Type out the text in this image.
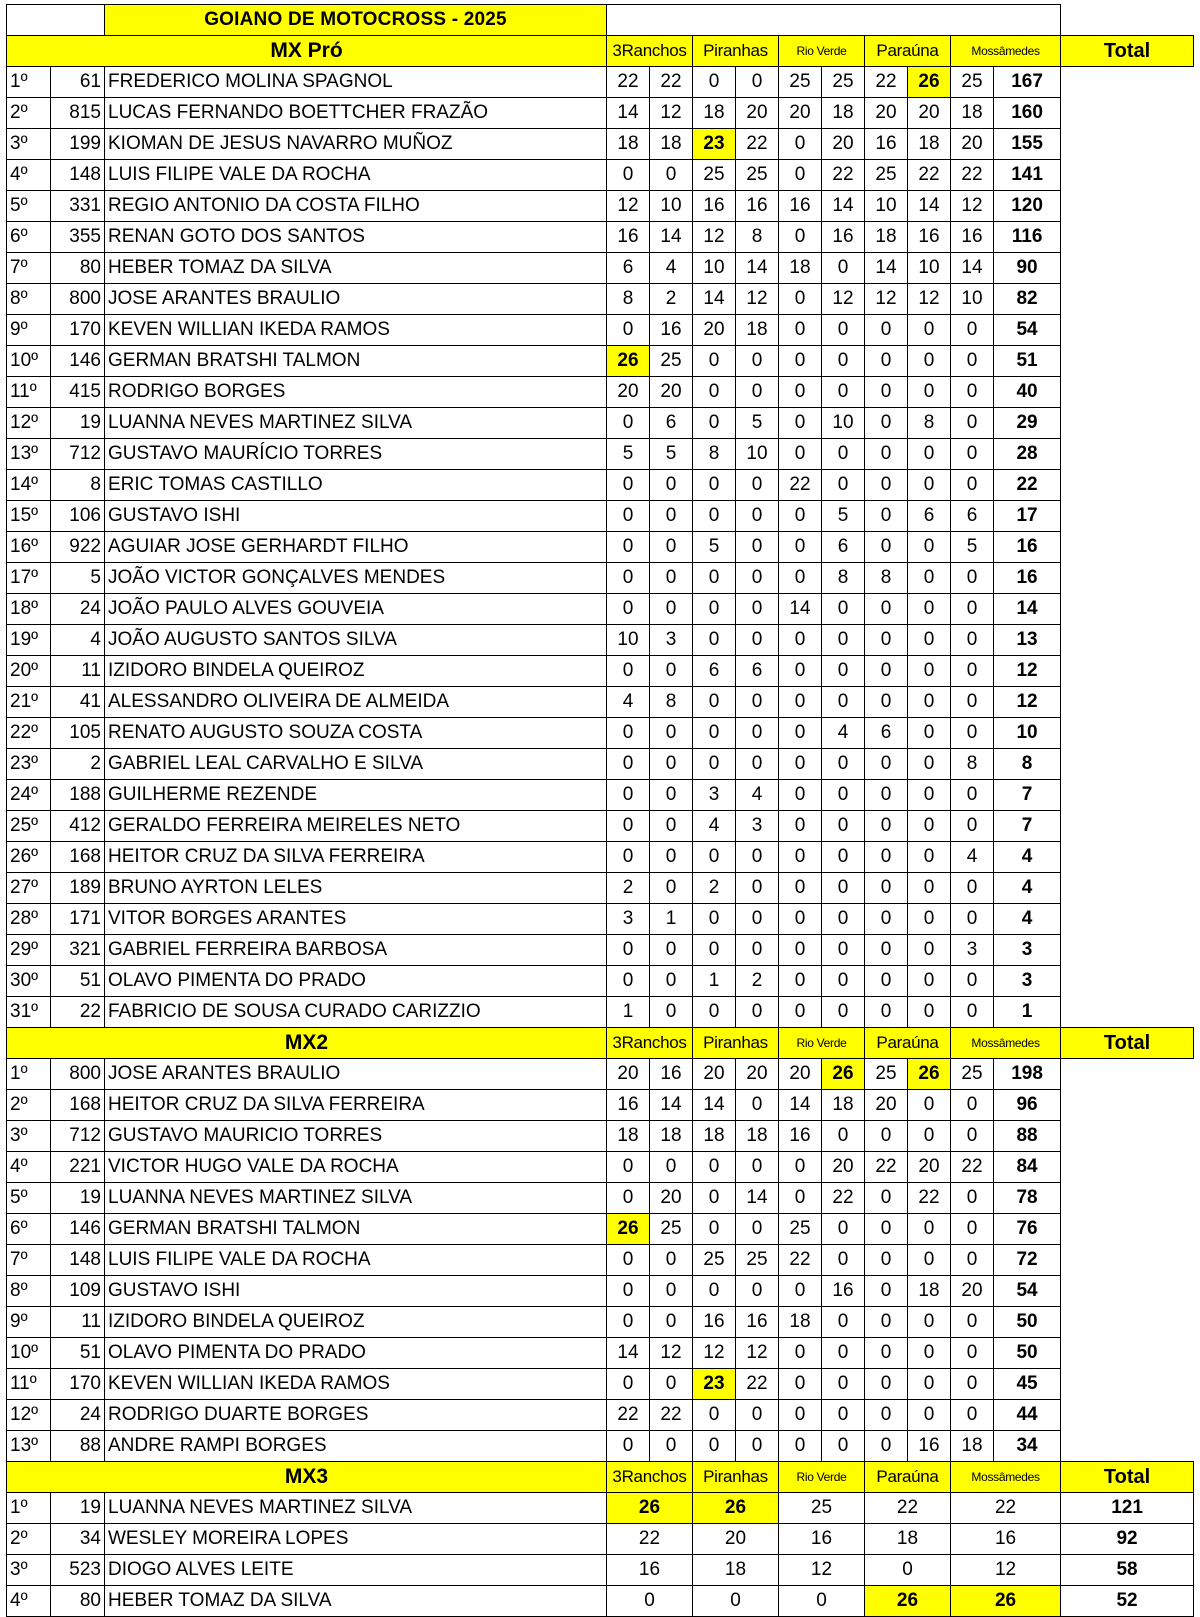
		GOIANO DE MOTOCROSS - 2025											
MX Pró			3Ranchos		Piranhas		Rio Verde		Paraúna		Mossâmedes		Total
1º	61	FREDERICO MOLINA SPAGNOL	22	22	0	0	25	25	22	26	25	167	
2º	815	LUCAS FERNANDO BOETTCHER FRAZÃO	14	12	18	20	20	18	20	20	18	160	
3º	199	KIOMAN DE JESUS NAVARRO MUÑOZ	18	18	23	22	0	20	16	18	20	155	
4º	148	LUIS FILIPE VALE DA ROCHA	0	0	25	25	0	22	25	22	22	141	
5º	331	REGIO ANTONIO DA COSTA FILHO	12	10	16	16	16	14	10	14	12	120	
6º	355	RENAN GOTO DOS SANTOS	16	14	12	8	0	16	18	16	16	116	
7º	80	HEBER TOMAZ DA SILVA	6	4	10	14	18	0	14	10	14	90	
8º	800	JOSE ARANTES BRAULIO	8	2	14	12	0	12	12	12	10	82	
9º	170	KEVEN WILLIAN IKEDA RAMOS	0	16	20	18	0	0	0	0	0	54	
10º	146	GERMAN BRATSHI TALMON	26	25	0	0	0	0	0	0	0	51	
11º	415	RODRIGO BORGES	20	20	0	0	0	0	0	0	0	40	
12º	19	LUANNA NEVES MARTINEZ SILVA	0	6	0	5	0	10	0	8	0	29	
13º	712	GUSTAVO MAURÍCIO TORRES	5	5	8	10	0	0	0	0	0	28	
14º	8	ERIC TOMAS CASTILLO	0	0	0	0	22	0	0	0	0	22	
15º	106	GUSTAVO ISHI	0	0	0	0	0	5	0	6	6	17	
16º	922	AGUIAR JOSE GERHARDT FILHO	0	0	5	0	0	6	0	0	5	16	
17º	5	JOÃO VICTOR GONÇALVES MENDES	0	0	0	0	0	8	8	0	0	16	
18º	24	JOÃO PAULO ALVES GOUVEIA	0	0	0	0	14	0	0	0	0	14	
19º	4	JOÃO AUGUSTO SANTOS SILVA	10	3	0	0	0	0	0	0	0	13	
20º	11	IZIDORO BINDELA QUEIROZ	0	0	6	6	0	0	0	0	0	12	
21º	41	ALESSANDRO OLIVEIRA DE ALMEIDA	4	8	0	0	0	0	0	0	0	12	
22º	105	RENATO AUGUSTO SOUZA COSTA	0	0	0	0	0	4	6	0	0	10	
23º	2	GABRIEL LEAL CARVALHO E SILVA	0	0	0	0	0	0	0	0	8	8	
24º	188	GUILHERME REZENDE	0	0	3	4	0	0	0	0	0	7	
25º	412	GERALDO FERREIRA MEIRELES NETO	0	0	4	3	0	0	0	0	0	7	
26º	168	HEITOR CRUZ DA SILVA FERREIRA	0	0	0	0	0	0	0	0	4	4	
27º	189	BRUNO AYRTON LELES	2	0	2	0	0	0	0	0	0	4	
28º	171	VITOR BORGES ARANTES	3	1	0	0	0	0	0	0	0	4	
29º	321	GABRIEL FERREIRA BARBOSA	0	0	0	0	0	0	0	0	3	3	
30º	51	OLAVO PIMENTA DO PRADO	0	0	1	2	0	0	0	0	0	3	
31º	22	FABRICIO DE SOUSA CURADO CARIZZIO	1	0	0	0	0	0	0	0	0	1	
MX2			3Ranchos		Piranhas		Rio Verde		Paraúna		Mossâmedes		Total
1º	800	JOSE ARANTES BRAULIO	20	16	20	20	20	26	25	26	25	198	
2º	168	HEITOR CRUZ DA SILVA FERREIRA	16	14	14	0	14	18	20	0	0	96	
3º	712	GUSTAVO MAURICIO TORRES	18	18	18	18	16	0	0	0	0	88	
4º	221	VICTOR HUGO VALE DA ROCHA	0	0	0	0	0	20	22	20	22	84	
5º	19	LUANNA NEVES MARTINEZ SILVA	0	20	0	14	0	22	0	22	0	78	
6º	146	GERMAN BRATSHI TALMON	26	25	0	0	25	0	0	0	0	76	
7º	148	LUIS FILIPE VALE DA ROCHA	0	0	25	25	22	0	0	0	0	72	
8º	109	GUSTAVO ISHI	0	0	0	0	0	16	0	18	20	54	
9º	11	IZIDORO BINDELA QUEIROZ	0	0	16	16	18	0	0	0	0	50	
10º	51	OLAVO PIMENTA DO PRADO	14	12	12	12	0	0	0	0	0	50	
11º	170	KEVEN WILLIAN IKEDA RAMOS	0	0	23	22	0	0	0	0	0	45	
12º	24	RODRIGO DUARTE BORGES	22	22	0	0	0	0	0	0	0	44	
13º	88	ANDRE RAMPI BORGES	0	0	0	0	0	0	0	16	18	34	
MX3			3Ranchos		Piranhas		Rio Verde		Paraúna		Mossâmedes		Total
1º	19	LUANNA NEVES MARTINEZ SILVA	26		26		25		22		22		121
2º	34	WESLEY MOREIRA LOPES	22		20		16		18		16		92
3º	523	DIOGO ALVES LEITE	16		18		12		0		12		58
4º	80	HEBER TOMAZ DA SILVA	0		0		0		26		26		52
